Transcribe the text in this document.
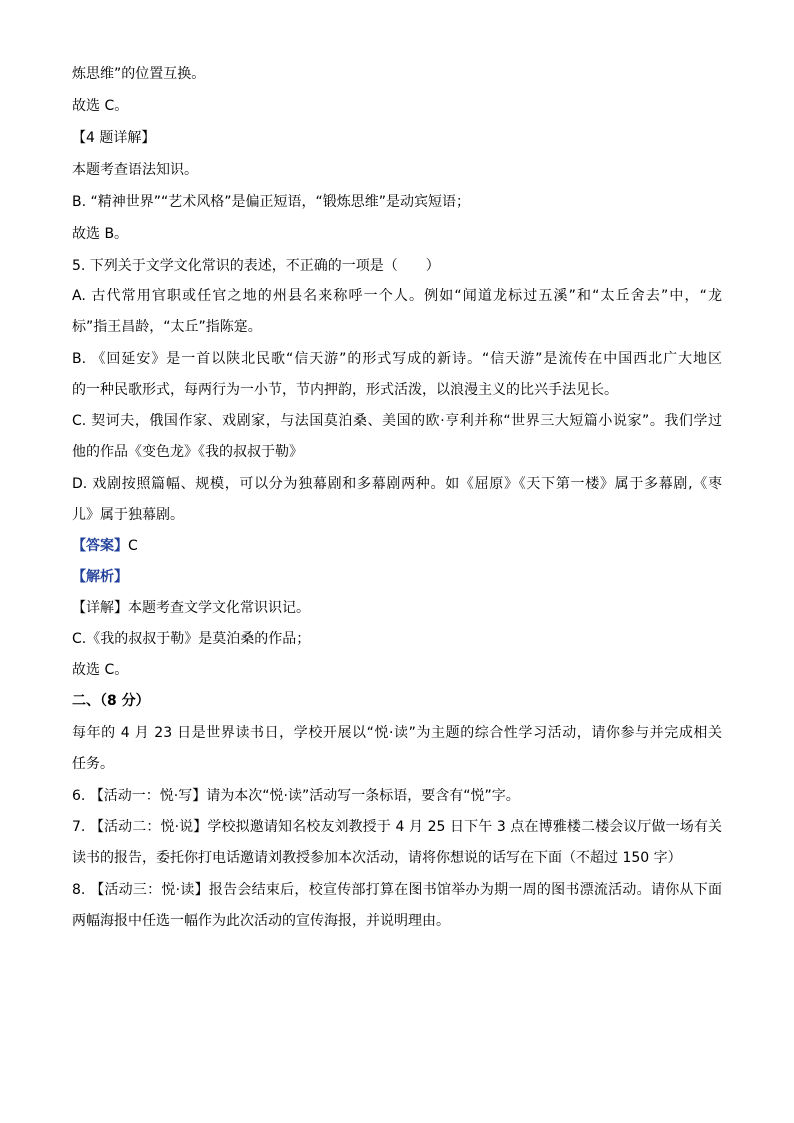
炼思维”的位置互换。
故选 C。
【4 题详解】
本题考查语法知识。
B. “精神世界”“艺术风格”是偏正短语，“锻炼思维”是动宾短语；
故选 B。
5. 下列关于文学文化常识的表述，不正确的一项是（　　）
A. 古代常用官职或任官之地的州县名来称呼一个人。例如“闻道龙标过五溪”和“太丘舍去”中，“龙
标”指王昌龄，“太丘”指陈寔。
B. 《回延安》是一首以陕北民歌“信天游”的形式写成的新诗。“信天游”是流传在中国西北广大地区
的一种民歌形式，每两行为一小节，节内押韵，形式活泼，以浪漫主义的比兴手法见长。
C. 契诃夫，俄国作家、戏剧家，与法国莫泊桑、美国的欧·亨利并称“世界三大短篇小说家”。我们学过
他的作品《变色龙》《我的叔叔于勒》
D. 戏剧按照篇幅、规模，可以分为独幕剧和多幕剧两种。如《屈原》《天下第一楼》属于多幕剧,《枣
儿》属于独幕剧。
【答案】C
【解析】
【详解】本题考查文学文化常识识记。
C.《我的叔叔于勒》是莫泊桑的作品；
故选 C。
二、（8 分）
每年的 4 月 23 日是世界读书日，学校开展以“悦·读”为主题的综合性学习活动，请你参与并完成相关
任务。
6. 【活动一：悦·写】请为本次“悦·读”活动写一条标语，要含有“悦”字。
7. 【活动二：悦·说】学校拟邀请知名校友刘教授于 4 月 25 日下午 3 点在博雅楼二楼会议厅做一场有关
读书的报告，委托你打电话邀请刘教授参加本次活动，请将你想说的话写在下面（不超过 150 字）
8. 【活动三：悦·读】报告会结束后，校宣传部打算在图书馆举办为期一周的图书漂流活动。请你从下面
两幅海报中任选一幅作为此次活动的宣传海报，并说明理由。
